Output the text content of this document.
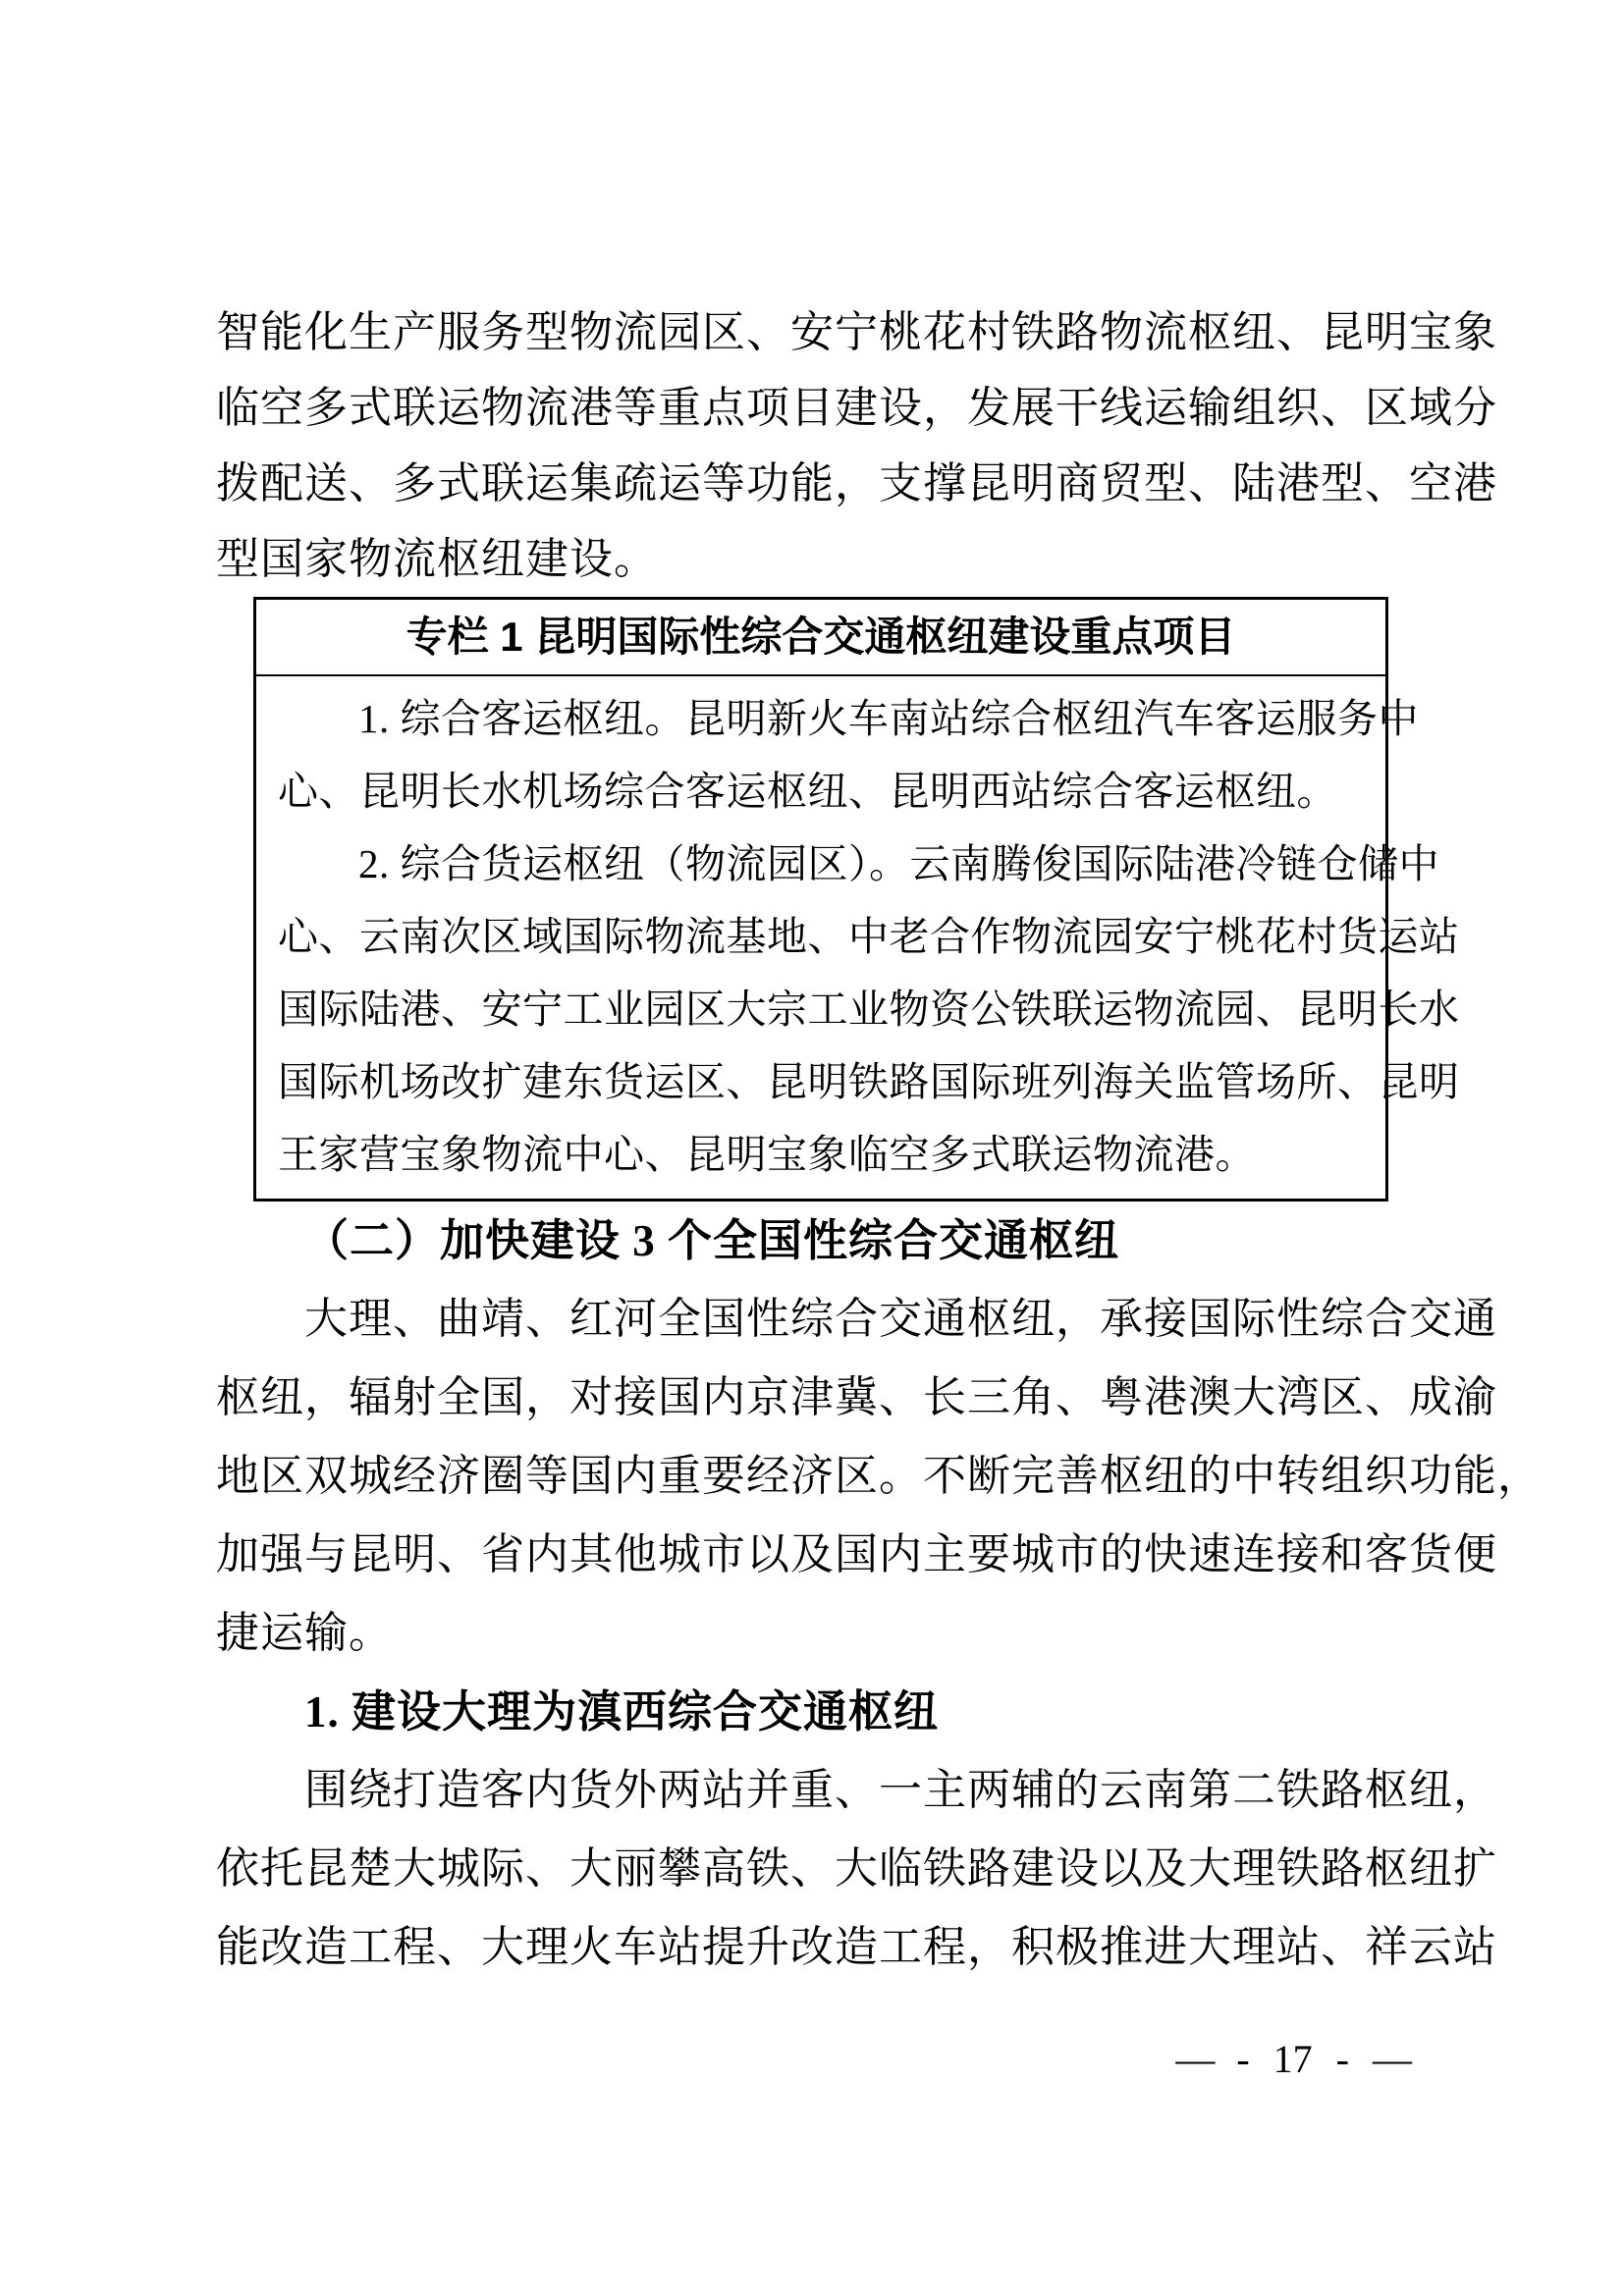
智能化生产服务型物流园区、安宁桃花村铁路物流枢纽、昆明宝象
临空多式联运物流港等重点项目建设，发展干线运输组织、区域分
拨配送、多式联运集疏运等功能，支撑昆明商贸型、陆港型、空港
型国家物流枢纽建设。
专栏 1 昆明国际性综合交通枢纽建设重点项目
1. 综合客运枢纽。昆明新火车南站综合枢纽汽车客运服务中
心、昆明长水机场综合客运枢纽、昆明西站综合客运枢纽。
2. 综合货运枢纽（物流园区）。云南腾俊国际陆港冷链仓储中
心、云南次区域国际物流基地、中老合作物流园安宁桃花村货运站
国际陆港、安宁工业园区大宗工业物资公铁联运物流园、昆明长水
国际机场改扩建东货运区、昆明铁路国际班列海关监管场所、昆明
王家营宝象物流中心、昆明宝象临空多式联运物流港。
（二）加快建设 3 个全国性综合交通枢纽
大理、曲靖、红河全国性综合交通枢纽，承接国际性综合交通
枢纽，辐射全国，对接国内京津冀、长三角、粤港澳大湾区、成渝
地区双城经济圈等国内重要经济区。不断完善枢纽的中转组织功能，
加强与昆明、省内其他城市以及国内主要城市的快速连接和客货便
捷运输。
1. 建设大理为滇西综合交通枢纽
围绕打造客内货外两站并重、一主两辅的云南第二铁路枢纽，
依托昆楚大城际、大丽攀高铁、大临铁路建设以及大理铁路枢纽扩
能改造工程、大理火车站提升改造工程，积极推进大理站、祥云站
— - 17 - —
